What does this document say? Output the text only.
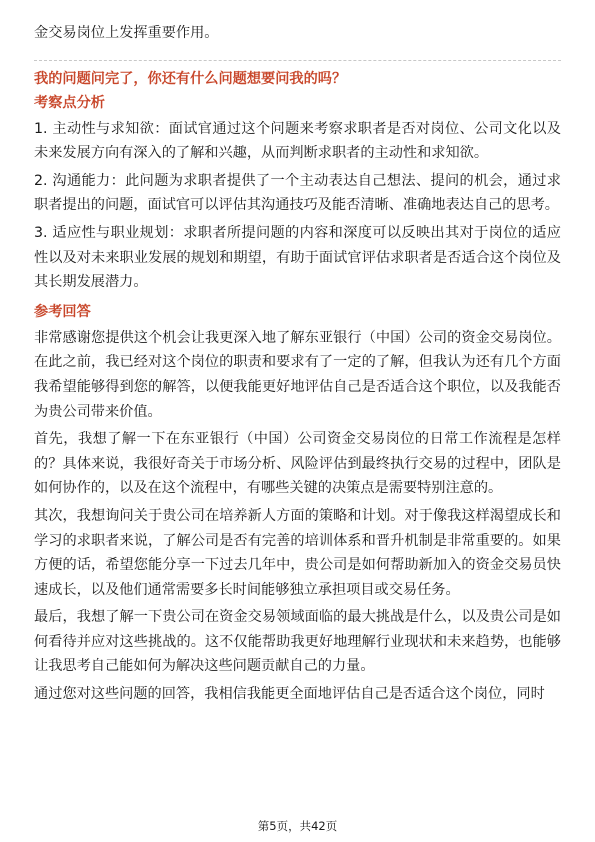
金交易岗位上发挥重要作用。

我的问题问完了，你还有什么问题想要问我的吗？
考察点分析

1. 主动性与求知欲：面试官通过这个问题来考察求职者是否对岗位、公司文化以及未来发展方向有深入的了解和兴趣，从而判断求职者的主动性和求知欲。

2. 沟通能力：此问题为求职者提供了一个主动表达自己想法、提问的机会，通过求职者提出的问题，面试官可以评估其沟通技巧及能否清晰、准确地表达自己的思考。

3. 适应性与职业规划：求职者所提问题的内容和深度可以反映出其对于岗位的适应性以及对未来职业发展的规划和期望，有助于面试官评估求职者是否适合这个岗位及其长期发展潜力。

参考回答

非常感谢您提供这个机会让我更深入地了解东亚银行（中国）公司的资金交易岗位。在此之前，我已经对这个岗位的职责和要求有了一定的了解，但我认为还有几个方面我希望能够得到您的解答，以便我能更好地评估自己是否适合这个职位，以及我能否为贵公司带来价值。

首先，我想了解一下在东亚银行（中国）公司资金交易岗位的日常工作流程是怎样的？具体来说，我很好奇关于市场分析、风险评估到最终执行交易的过程中，团队是如何协作的，以及在这个流程中，有哪些关键的决策点是需要特别注意的。

其次，我想询问关于贵公司在培养新人方面的策略和计划。对于像我这样渴望成长和学习的求职者来说，了解公司是否有完善的培训体系和晋升机制是非常重要的。如果方便的话，希望您能分享一下过去几年中，贵公司是如何帮助新加入的资金交易员快速成长，以及他们通常需要多长时间能够独立承担项目或交易任务。

最后，我想了解一下贵公司在资金交易领域面临的最大挑战是什么，以及贵公司是如何看待并应对这些挑战的。这不仅能帮助我更好地理解行业现状和未来趋势，也能够让我思考自己能如何为解决这些问题贡献自己的力量。

通过您对这些问题的回答，我相信我能更全面地评估自己是否适合这个岗位，同时

第5页，共42页
